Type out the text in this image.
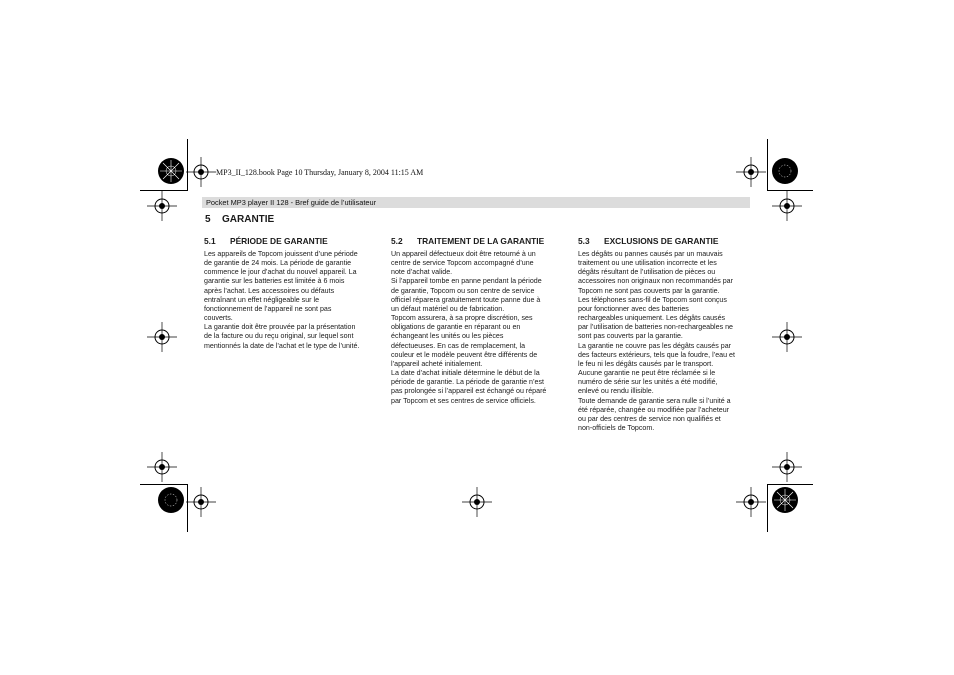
MP3_II_128.book Page 10 Thursday, January 8, 2004 11:15 AM
Pocket MP3 player II 128 - Bref guide de l’utilisateur
5 GARANTIE
5.1 PÉRIODE DE GARANTIE

Les appareils de Topcom jouissent d’une période
de garantie de 24 mois. La période de garantie
commence le jour d’achat du nouvel appareil. La
garantie sur les batteries est limitée à 6 mois
après l’achat. Les accessoires ou défauts
entraînant un effet négligeable sur le
fonctionnement de l’appareil ne sont pas
couverts.

La garantie doit être prouvée par la présentation
de la facture ou du reçu original, sur lequel sont
mentionnés la date de l’achat et le type de l’unité.

5.2 TRAITEMENT DE LA GARANTIE

Un appareil défectueux doit être retourné à un
centre de service Topcom accompagné d’une
note d’achat valide.

Si l’appareil tombe en panne pendant la période
de garantie, Topcom ou son centre de service
officiel réparera gratuitement toute panne due à
un défaut matériel ou de fabrication.

Topcom assurera, à sa propre discrétion, ses
obligations de garantie en réparant ou en
échangeant les unités ou les pièces
défectueuses. En cas de remplacement, la
couleur et le modèle peuvent être différents de
l’appareil acheté initialement.

La date d’achat initiale détermine le début de la
période de garantie. La période de garantie n’est
pas prolongée si l’appareil est échangé ou réparé
par Topcom et ses centres de service officiels.

5.3 EXCLUSIONS DE GARANTIE

Les dégâts ou pannes causés par un mauvais
traitement ou une utilisation incorrecte et les
dégâts résultant de l’utilisation de pièces ou
accessoires non originaux non recommandés par
Topcom ne sont pas couverts par la garantie.

Les téléphones sans-fil de Topcom sont conçus
pour fonctionner avec des batteries
rechargeables uniquement. Les dégâts causés
par l’utilisation de batteries non-rechargeables ne
sont pas couverts par la garantie.

La garantie ne couvre pas les dégâts causés par
des facteurs extérieurs, tels que la foudre, l’eau et
le feu ni les dégâts causés par le transport.

Aucune garantie ne peut être réclamée si le
numéro de série sur les unités a été modifié,
enlevé ou rendu illisible.

Toute demande de garantie sera nulle si l’unité a
été réparée, changée ou modifiée par l’acheteur
ou par des centres de service non qualifiés et
non-officiels de Topcom.
